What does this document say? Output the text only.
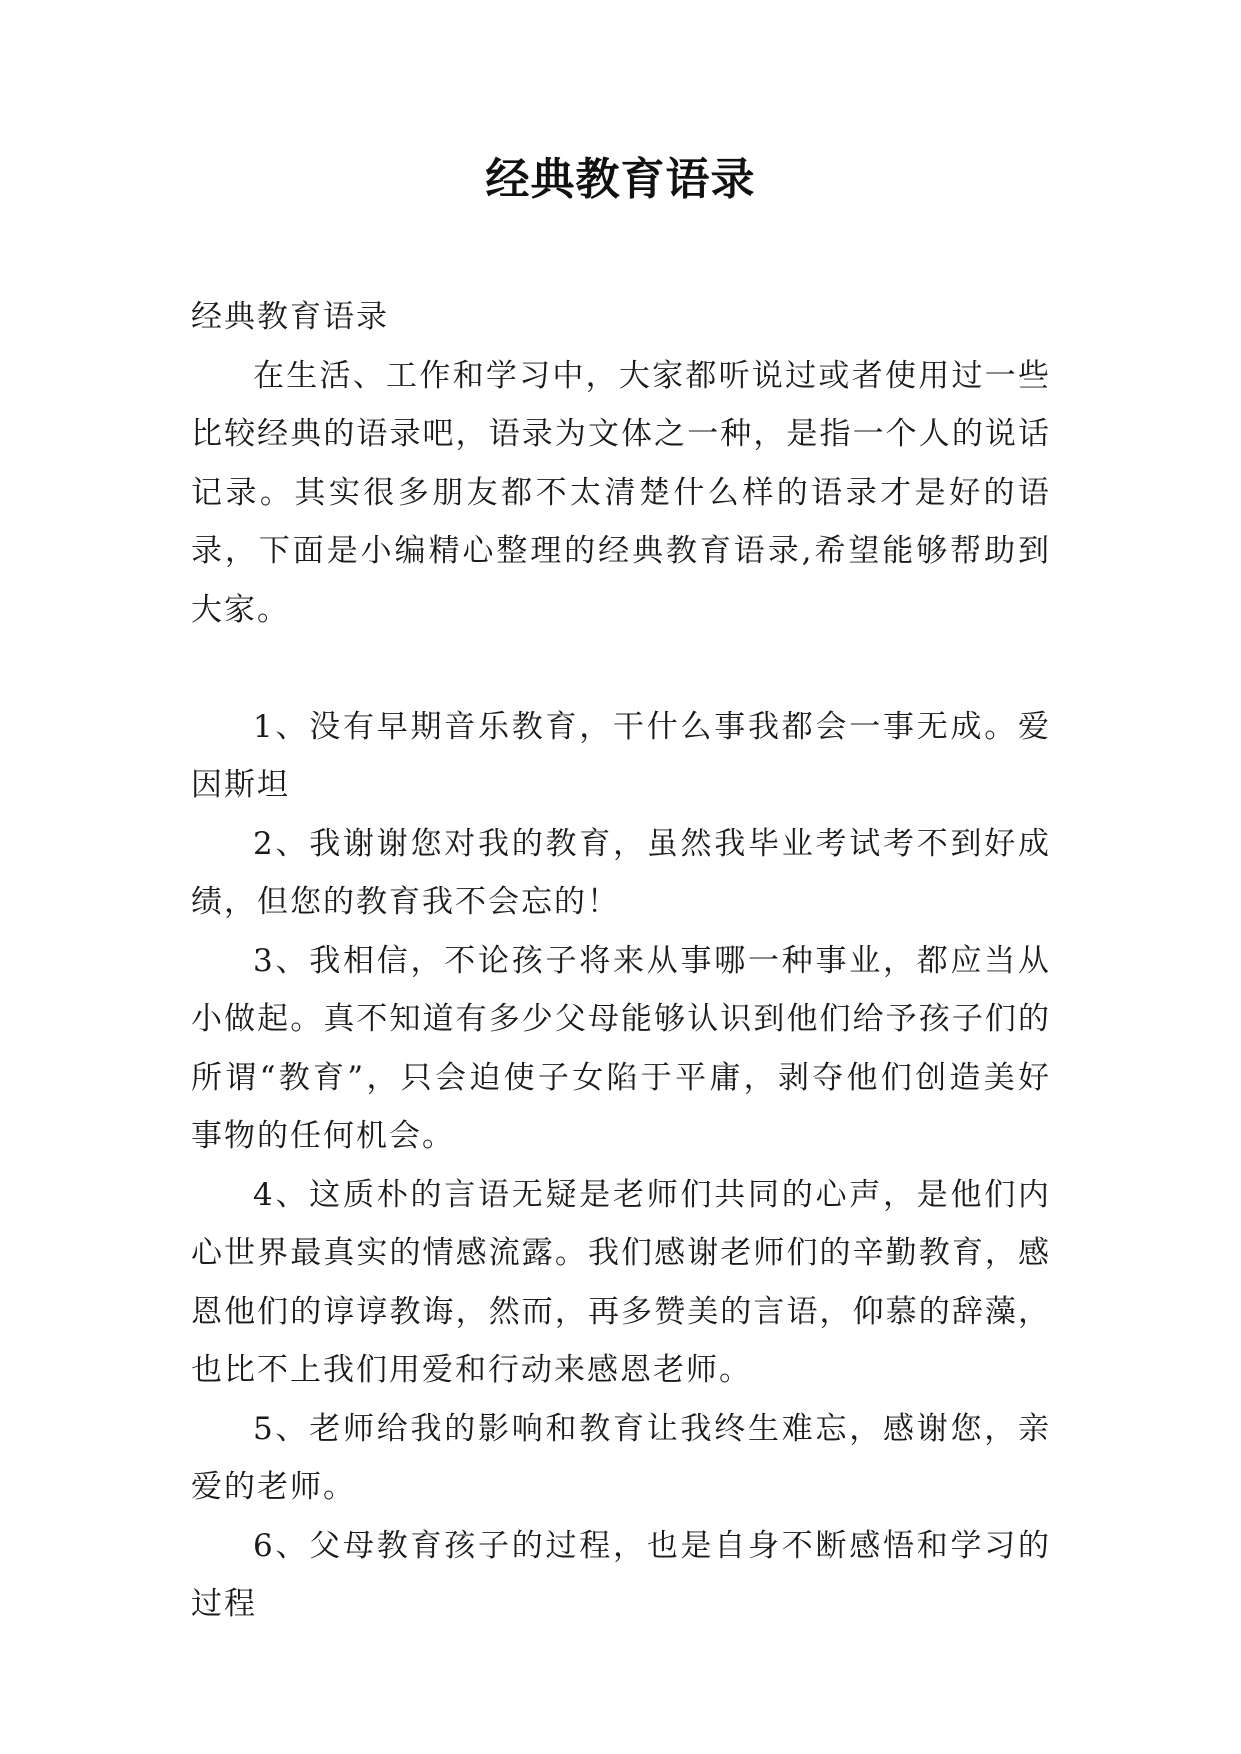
经典教育语录

经典教育语录

在生活、工作和学习中，大家都听说过或者使用过一些比较经典的语录吧，语录为文体之一种，是指一个人的说话记录。其实很多朋友都不太清楚什么样的语录才是好的语录，下面是小编精心整理的经典教育语录,希望能够帮助到大家。

1、没有早期音乐教育，干什么事我都会一事无成。爱因斯坦

2、我谢谢您对我的教育，虽然我毕业考试考不到好成绩，但您的教育我不会忘的！

3、我相信，不论孩子将来从事哪一种事业，都应当从小做起。真不知道有多少父母能够认识到他们给予孩子们的所谓“教育”，只会迫使子女陷于平庸，剥夺他们创造美好事物的任何机会。

4、这质朴的言语无疑是老师们共同的心声，是他们内心世界最真实的情感流露。我们感谢老师们的辛勤教育，感恩他们的谆谆教诲，然而，再多赞美的言语，仰慕的辞藻，也比不上我们用爱和行动来感恩老师。

5、老师给我的影响和教育让我终生难忘，感谢您，亲爱的老师。

6、父母教育孩子的过程，也是自身不断感悟和学习的过程
